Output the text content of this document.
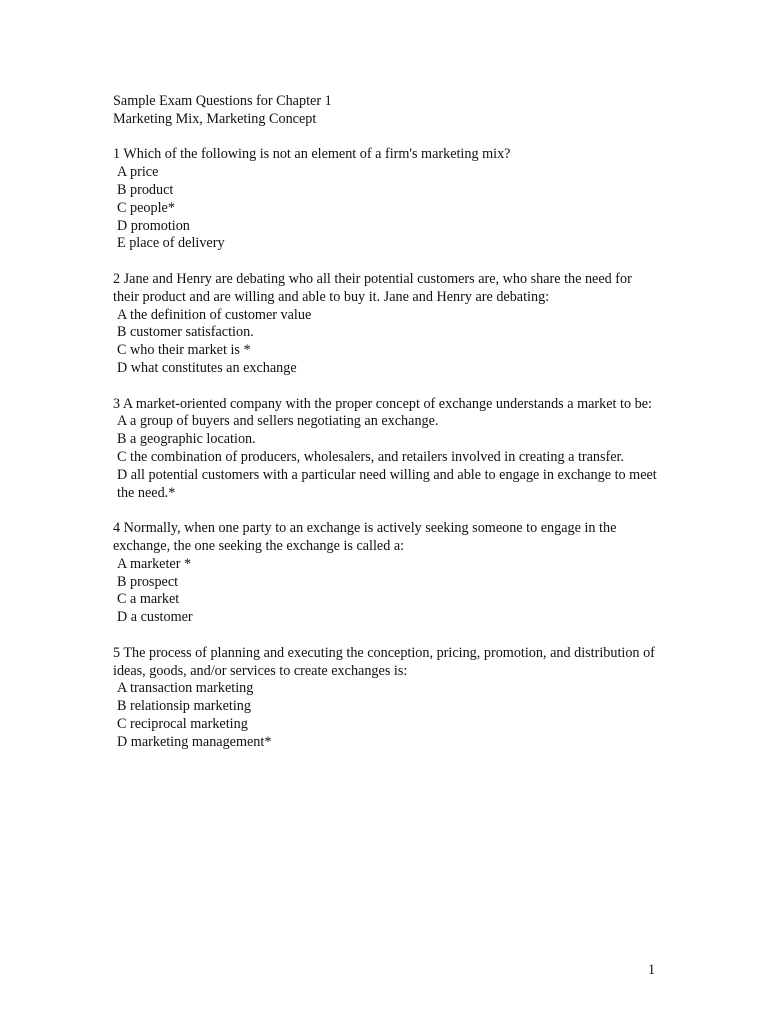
Sample Exam Questions for Chapter 1
Marketing Mix, Marketing Concept
1 Which of the following is not an element of a firm's marketing mix?
A price
B product
C people*
D promotion
E place of delivery
2 Jane and Henry are debating who all their potential customers are, who share the need for their product and are willing and able to buy it. Jane and Henry are debating:
A the definition of customer value
B customer satisfaction.
C who their market is *
D what constitutes an exchange
3 A market-oriented company with the proper concept of exchange understands a market to be:
A a group of buyers and sellers negotiating an exchange.
B a geographic location.
C the combination of producers, wholesalers, and retailers involved in creating a transfer.
D all potential customers with a particular need willing and able to engage in exchange to meet the need.*
4 Normally, when one party to an exchange is actively seeking someone to engage in the exchange, the one seeking the exchange is called a:
A marketer *
B prospect
C a market
D a customer
5 The process of planning and executing the conception, pricing, promotion, and distribution of ideas, goods, and/or services to create exchanges is:
A transaction marketing
B relationsip marketing
C reciprocal marketing
D marketing management*
1
